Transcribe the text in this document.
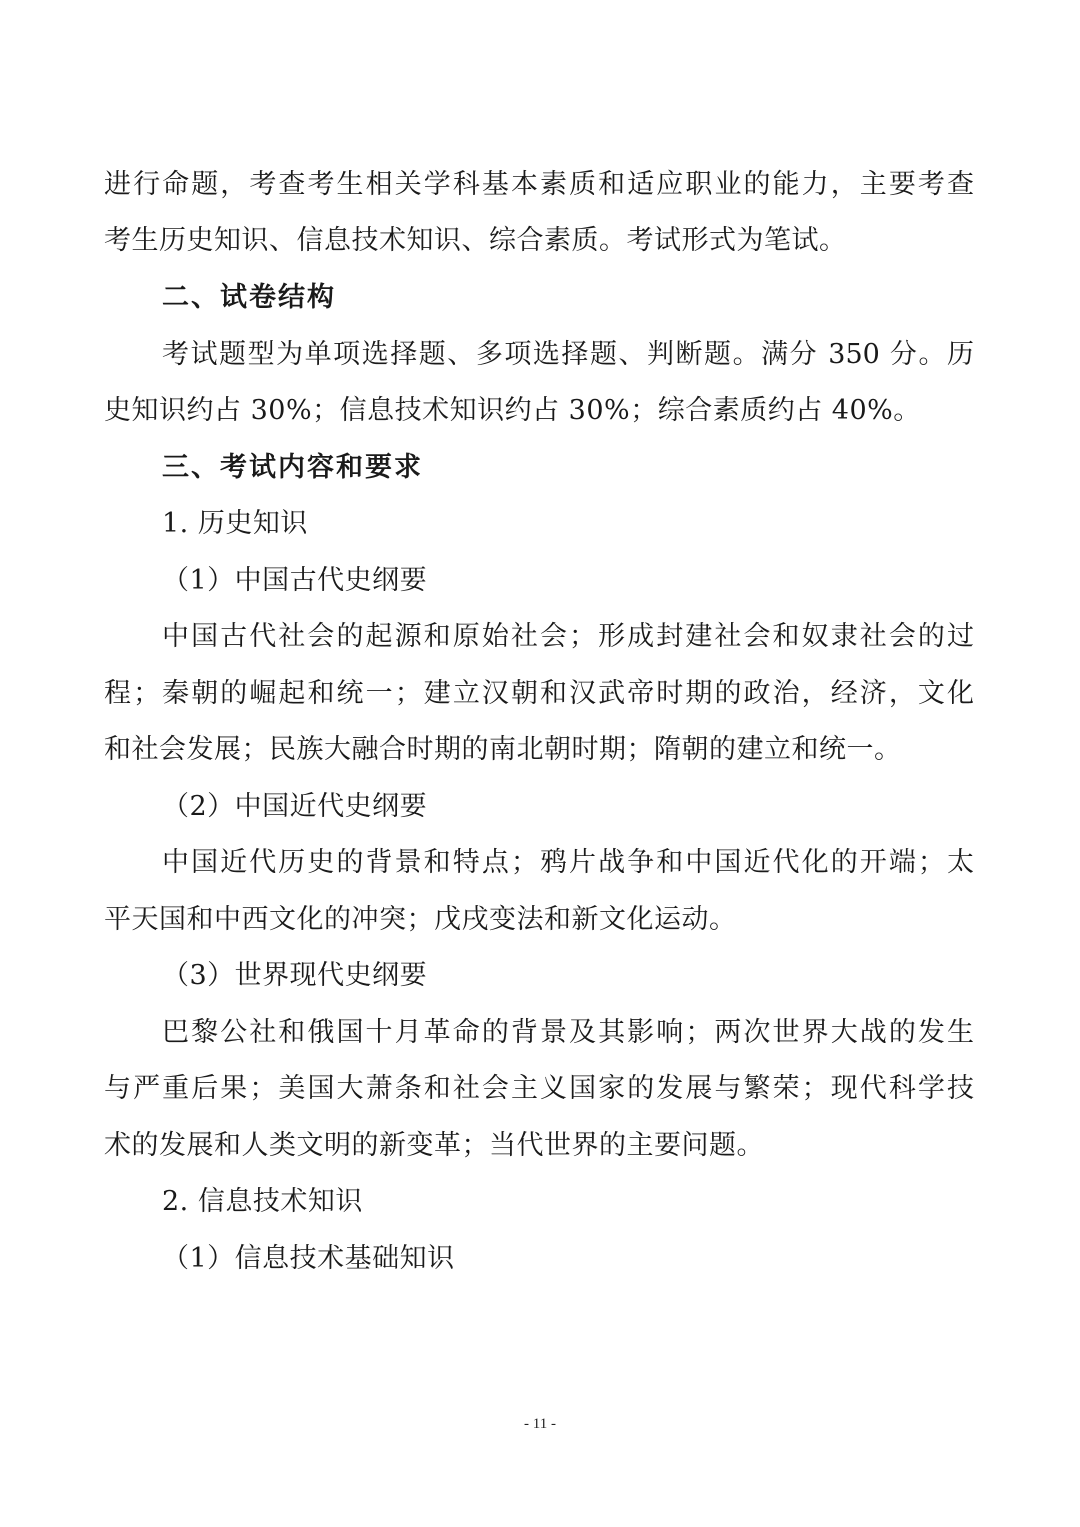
进行命题，考查考生相关学科基本素质和适应职业的能力，主要考查
考生历史知识、信息技术知识、综合素质。考试形式为笔试。
二、试卷结构
考试题型为单项选择题、多项选择题、判断题。满分 350 分。历
史知识约占 30%；信息技术知识约占 30%；综合素质约占 40%。
三、考试内容和要求
1. 历史知识
（1）中国古代史纲要
中国古代社会的起源和原始社会；形成封建社会和奴隶社会的过
程；秦朝的崛起和统一；建立汉朝和汉武帝时期的政治，经济，文化
和社会发展；民族大融合时期的南北朝时期；隋朝的建立和统一。
（2）中国近代史纲要
中国近代历史的背景和特点；鸦片战争和中国近代化的开端；太
平天国和中西文化的冲突；戊戌变法和新文化运动。
（3）世界现代史纲要
巴黎公社和俄国十月革命的背景及其影响；两次世界大战的发生
与严重后果；美国大萧条和社会主义国家的发展与繁荣；现代科学技
术的发展和人类文明的新变革；当代世界的主要问题。
2. 信息技术知识
（1）信息技术基础知识
- 11 -
